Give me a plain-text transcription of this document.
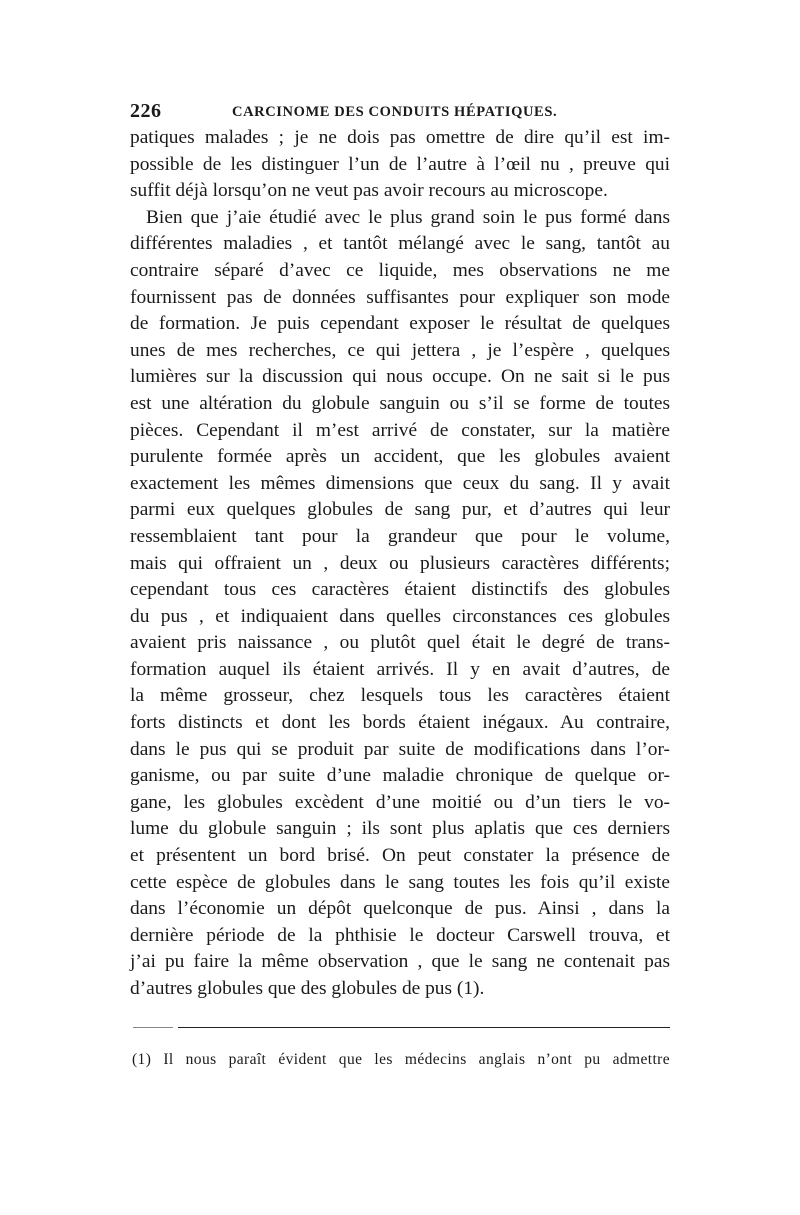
226	CARCINOME DES CONDUITS HÉPATIQUES.
patiques malades ; je ne dois pas omettre de dire qu’il est im-
possible de les distinguer l’un de l’autre à l’œil nu , preuve qui
suffit déjà lorsqu’on ne veut pas avoir recours au microscope.
Bien que j’aie étudié avec le plus grand soin le pus formé dans
différentes maladies , et tantôt mélangé avec le sang, tantôt au
contraire séparé d’avec ce liquide, mes observations ne me
fournissent pas de données suffisantes pour expliquer son mode
de formation. Je puis cependant exposer le résultat de quelques
unes de mes recherches, ce qui jettera , je l’espère , quelques
lumières sur la discussion qui nous occupe. On ne sait si le pus
est une altération du globule sanguin ou s’il se forme de toutes
pièces. Cependant il m’est arrivé de constater, sur la matière
purulente formée après un accident, que les globules avaient
exactement les mêmes dimensions que ceux du sang. Il y avait
parmi eux quelques globules de sang pur, et d’autres qui leur
ressemblaient tant pour la grandeur que pour le volume,
mais qui offraient un , deux ou plusieurs caractères différents;
cependant tous ces caractères étaient distinctifs des globules
du pus , et indiquaient dans quelles circonstances ces globules
avaient pris naissance , ou plutôt quel était le degré de trans-
formation auquel ils étaient arrivés. Il y en avait d’autres, de
la même grosseur, chez lesquels tous les caractères étaient
forts distincts et dont les bords étaient inégaux. Au contraire,
dans le pus qui se produit par suite de modifications dans l’or-
ganisme, ou par suite d’une maladie chronique de quelque or-
gane, les globules excèdent d’une moitié ou d’un tiers le vo-
lume du globule sanguin ; ils sont plus aplatis que ces derniers
et présentent un bord brisé. On peut constater la présence de
cette espèce de globules dans le sang toutes les fois qu’il existe
dans l’économie un dépôt quelconque de pus. Ainsi , dans la
dernière période de la phthisie le docteur Carswell trouva, et
j’ai pu faire la même observation , que le sang ne contenait pas
d’autres globules que des globules de pus (1).
(1) Il nous paraît évident que les médecins anglais n’ont pu admettre
